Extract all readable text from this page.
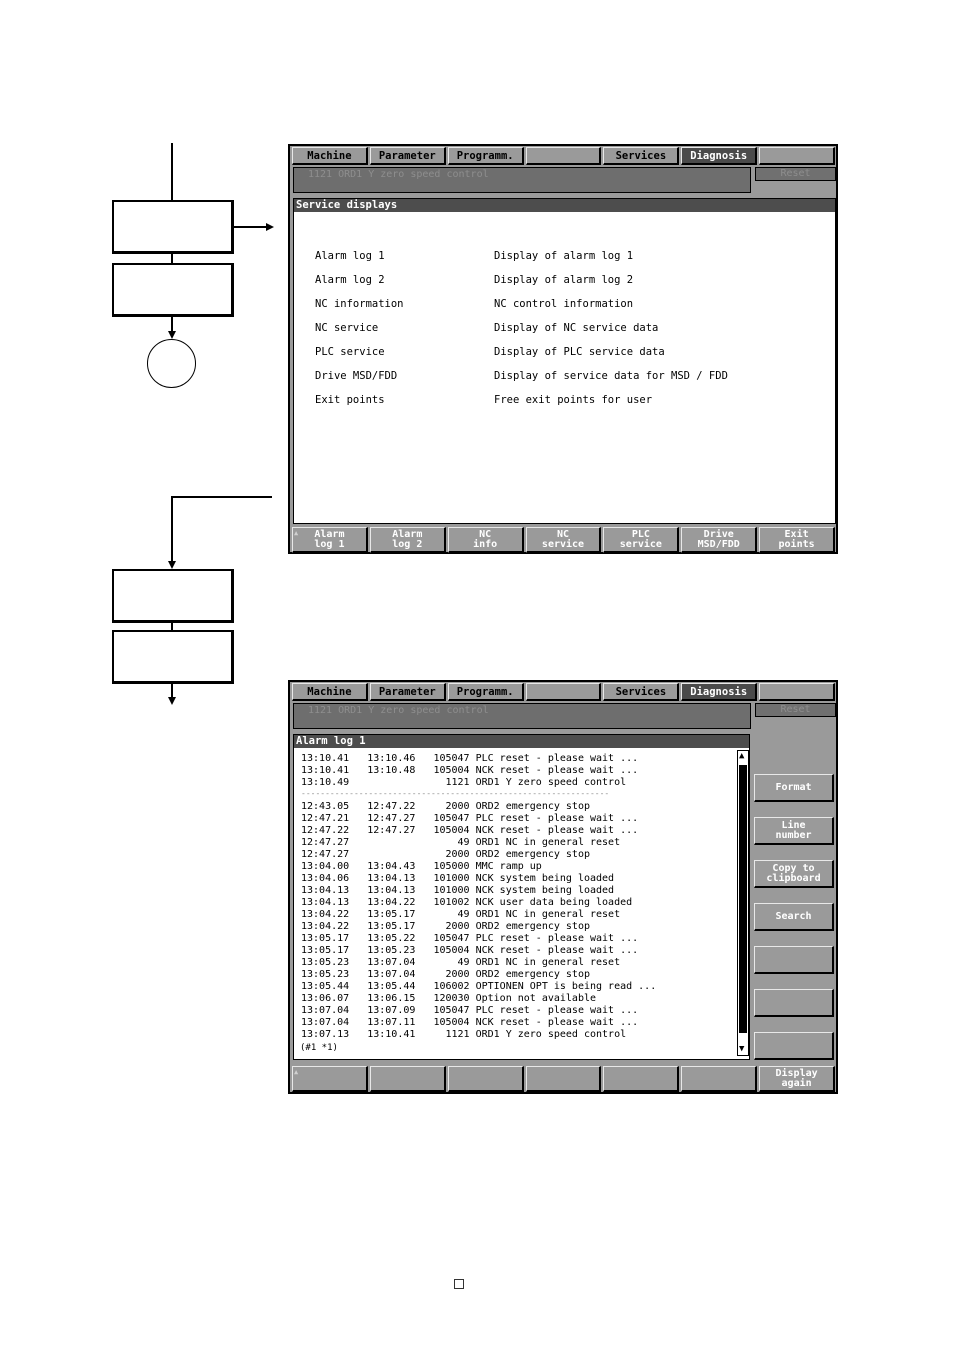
Machine	Parameter	Programm.	Services	Diagnosis
1121 ORD1 Y zero speed control	Reset
Service displays
Alarm log 1	Display of alarm log 1
Alarm log 2	Display of alarm log 2
NC information	NC control information
NC service	Display of NC service data
PLC service	Display of PLC service data
Drive MSD/FDD	Display of service data for MSD / FDD
Exit points	Free exit points for user
Alarm
log 1
Alarm
log 2
NC
info
NC
service
PLC
service
Drive
MSD/FDD
Exit
points
▲
Machine	Parameter	Programm.	Services	Diagnosis
1121 ORD1 Y zero speed control	Reset
Alarm log 1
13:10.41   13:10.46   105047 PLC reset - please wait ...
13:10.41   13:10.48   105004 NCK reset - please wait ...
13:10.49                1121 ORD1 Y zero speed control
----------------------------------------------------------------
12:43.05   12:47.22     2000 ORD2 emergency stop
12:47.21   12:47.27   105047 PLC reset - please wait ...
12:47.22   12:47.27   105004 NCK reset - please wait ...
12:47.27                  49 ORD1 NC in general reset
12:47.27                2000 ORD2 emergency stop
13:04.00   13:04.43   105000 MMC ramp up
13:04.06   13:04.13   101000 NCK system being loaded
13:04.13   13:04.13   101000 NCK system being loaded
13:04.13   13:04.22   101002 NCK user data being loaded
13:04.22   13:05.17       49 ORD1 NC in general reset
13:04.22   13:05.17     2000 ORD2 emergency stop
13:05.17   13:05.22   105047 PLC reset - please wait ...
13:05.17   13:05.23   105004 NCK reset - please wait ...
13:05.23   13:07.04       49 ORD1 NC in general reset
13:05.23   13:07.04     2000 ORD2 emergency stop
13:05.44   13:05.44   106002 OPTIONEN OPT is being read ...
13:06.07   13:06.15   120030 Option not available
13:07.04   13:07.09   105047 PLC reset - please wait ...
13:07.04   13:07.11   105004 NCK reset - please wait ...
13:07.13   13:10.41     1121 ORD1 Y zero speed control
(#1 *1)
▲
▼
Format
Line
number
Copy to
clipboard
Search
Display
again
▲
